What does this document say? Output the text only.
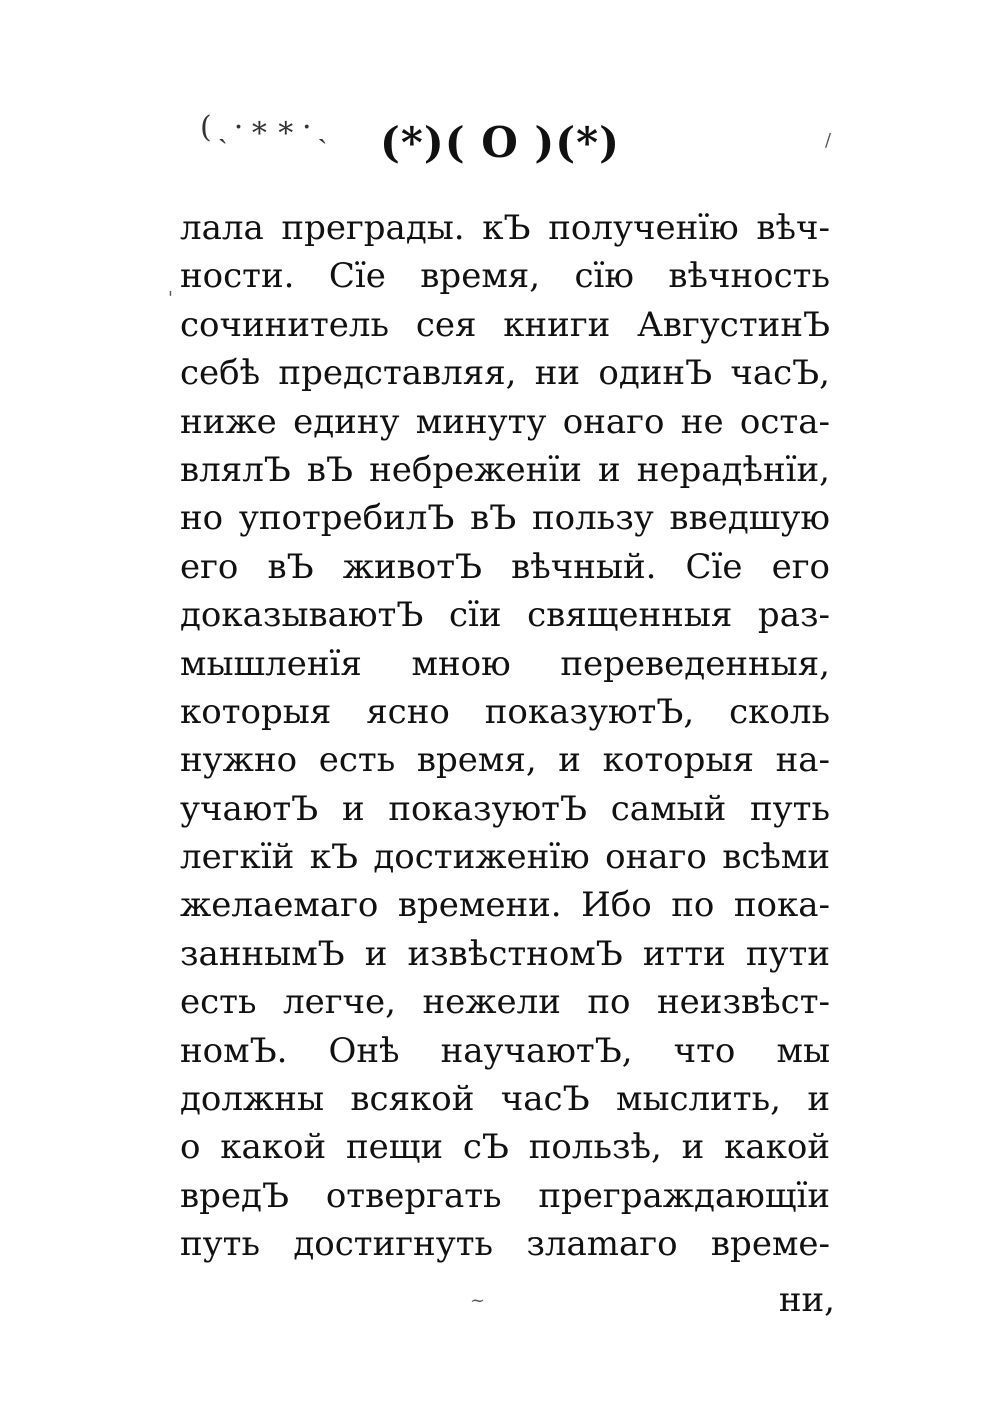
(ˏ·∗∗·ˎ	(*)( O )(*)
лала преграды. кЪ полученїю вѣч-
ности. Сїе время, сїю вѣчность
сочинитель сея книги АвгустинЪ
себѣ представляя, ни одинЪ часЪ,
ниже едину минуту онаго не оста-
влялЪ вЪ небреженїи и нерадѣнїи,
но употребилЪ вЪ пользу введшую
его вЪ животЪ вѣчный. Сїе его
доказываютЪ сїи священныя раз-
мышленїя мною переведенныя,
которыя ясно показуютЪ, сколь
нужно есть время, и которыя на-
учаютЪ и показуютЪ самый путь
легкїй кЪ достиженїю онаго всѣми
желаемаго времени. Ибо по пока-
заннымЪ и извѣстномЪ итти пути
есть легче, нежели по неизвѣст-
номЪ. Онѣ научаютЪ, что мы
должны всякой часЪ мыслить, и
о какой пещи сЪ пользѣ, и какой
вредЪ отвергать преграждающїи
путь достигнуть злаmаго време-
ни,
'
~
/
